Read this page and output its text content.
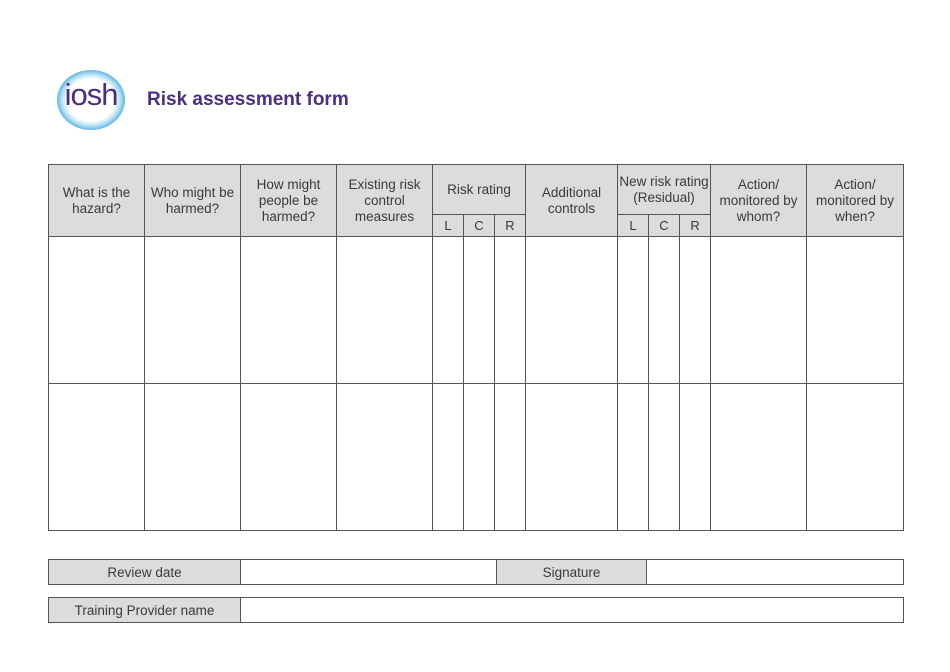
iosh	Risk assessment form
What is the hazard?	Who might be harmed?	How might people be harmed?	Existing risk control measures	Risk rating			Additional controls	New risk rating (Residual)			Action/ monitored by whom?	Action/ monitored by when?
				L	C	R		L	C	R		

Review date		Signature	
Training Provider name	
